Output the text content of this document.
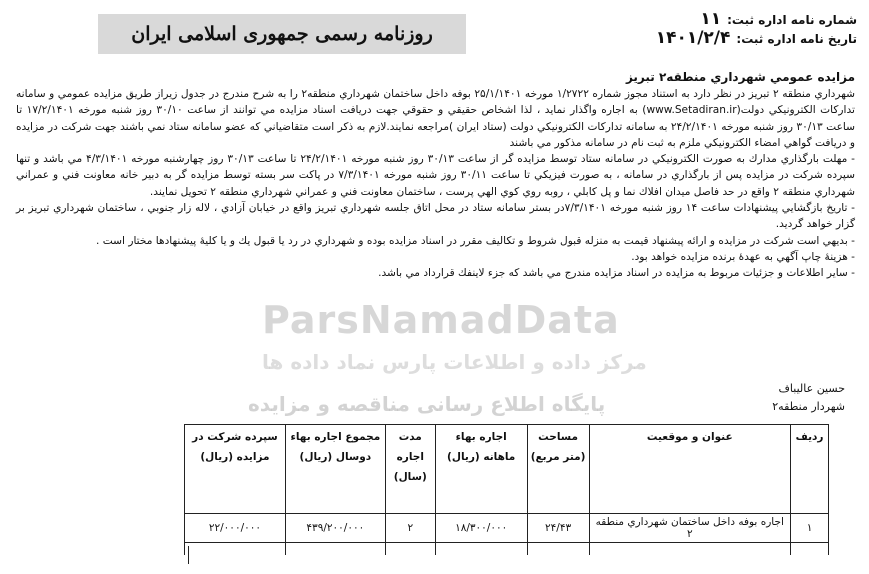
شماره نامه اداره ثبت:۱۱
تاريخ نامه اداره ثبت:۱۴۰۱/۲/۴
روزنامه رسمی جمهوری اسلامی ایران
مزايده عمومي شهرداري منطقه۲ تبريز

شهرداري منطقه ۲ تبريز در نظر دارد به استناد مجوز شماره ۱/۲۷۲۲ مورخه ۲۵/۱/۱۴۰۱ بوفه داخل ساختمان شهرداري منطقه۲ را به شرح مندرج در جدول زيراز طريق مزايده عمومي و سامانه تداركات الكترونيكي دولت(www.Setadiran.ir) به اجاره واگذار نمايد ، لذا اشخاص حقيقي و حقوقي جهت دريافت اسناد مزايده مي توانند از ساعت ۳۰/۱۰ روز شنبه مورخه ۱۷/۲/۱۴۰۱ تا ساعت ۳۰/۱۳ روز شنبه مورخه ۲۴/۲/۱۴۰۱ به سامانه تداركات الكترونيكي دولت (ستاد ايران )مراجعه نمايند.لازم به ذكر است متقاضياني كه عضو سامانه ستاد نمي باشند جهت شركت در مزايده و دريافت گواهي امضاء الكترونيكي ملزم به ثبت نام در سامانه مذكور مي باشند

- مهلت بارگذاري مدارك به صورت الكترونيكي در سامانه ستاد توسط مزايده گر از ساعت ۳۰/۱۳ روز شنبه مورخه ۲۴/۲/۱۴۰۱ تا ساعت ۳۰/۱۳ روز چهارشنبه مورخه ۴/۳/۱۴۰۱ مي باشد و تنها سپرده شركت در مزايده پس از بارگذاري در سامانه ، به صورت فيزيكي تا ساعت ۳۰/۱۱ روز شنبه مورخه ۷/۳/۱۴۰۱ در پاكت سر بسته توسط مزايده گر به دبير خانه معاونت فني و عمراني شهرداري منطقه ۲ واقع در حد فاصل ميدان افلاك نما و پل كابلي ، روبه روي كوي الهي پرست ، ساختمان معاونت فني و عمراني شهرداري منطقه ۲ تحويل نمايند.

- تاريخ بازگشايي پيشنهادات ساعت ۱۴ روز شنبه مورخه ۷/۳/۱۴۰۱در بستر سامانه ستاد در محل اتاق جلسه شهرداري تبريز واقع در خيابان آزادي ، لاله زار جنوبي ، ساختمان شهرداري تبريز بر گزار خواهد گرديد.

- بديهي است شركت در مزايده و ارائه پيشنهاد قيمت به منزله قبول شروط و تكاليف مقرر در اسناد مزايده بوده و شهرداري در رد يا قبول يك و يا كليهٔ پيشنهادها مختار است .

- هزينهٔ چاپ آگهي به عهدهٔ برنده مزايده خواهد بود.

- ساير اطلاعات و جزئيات مربوط به مزايده در اسناد مزايده مندرج مي باشد كه جزء لاينفك قرارداد مي باشد.

ParsNamadData
مرکز داده و اطلاعات پارس نماد داده ها
پایگاه اطلاع رسانی مناقصه و مزایده
حسين عاليباف
شهردار منطقه۲
رديف	عنوان و موقعيت	مساحت (متر مربع)	اجاره بهاء ماهانه (ريال)	مدت اجاره (سال)	مجموع اجاره بهاء دوسال (ريال)	سپرده شركت در مزايده (ريال)
۱	اجاره بوفه داخل ساختمان شهرداري منطقه ۲	۲۴/۴۳	۱۸/۳۰۰/۰۰۰	۲	۴۳۹/۲۰۰/۰۰۰	۲۲/۰۰۰/۰۰۰
